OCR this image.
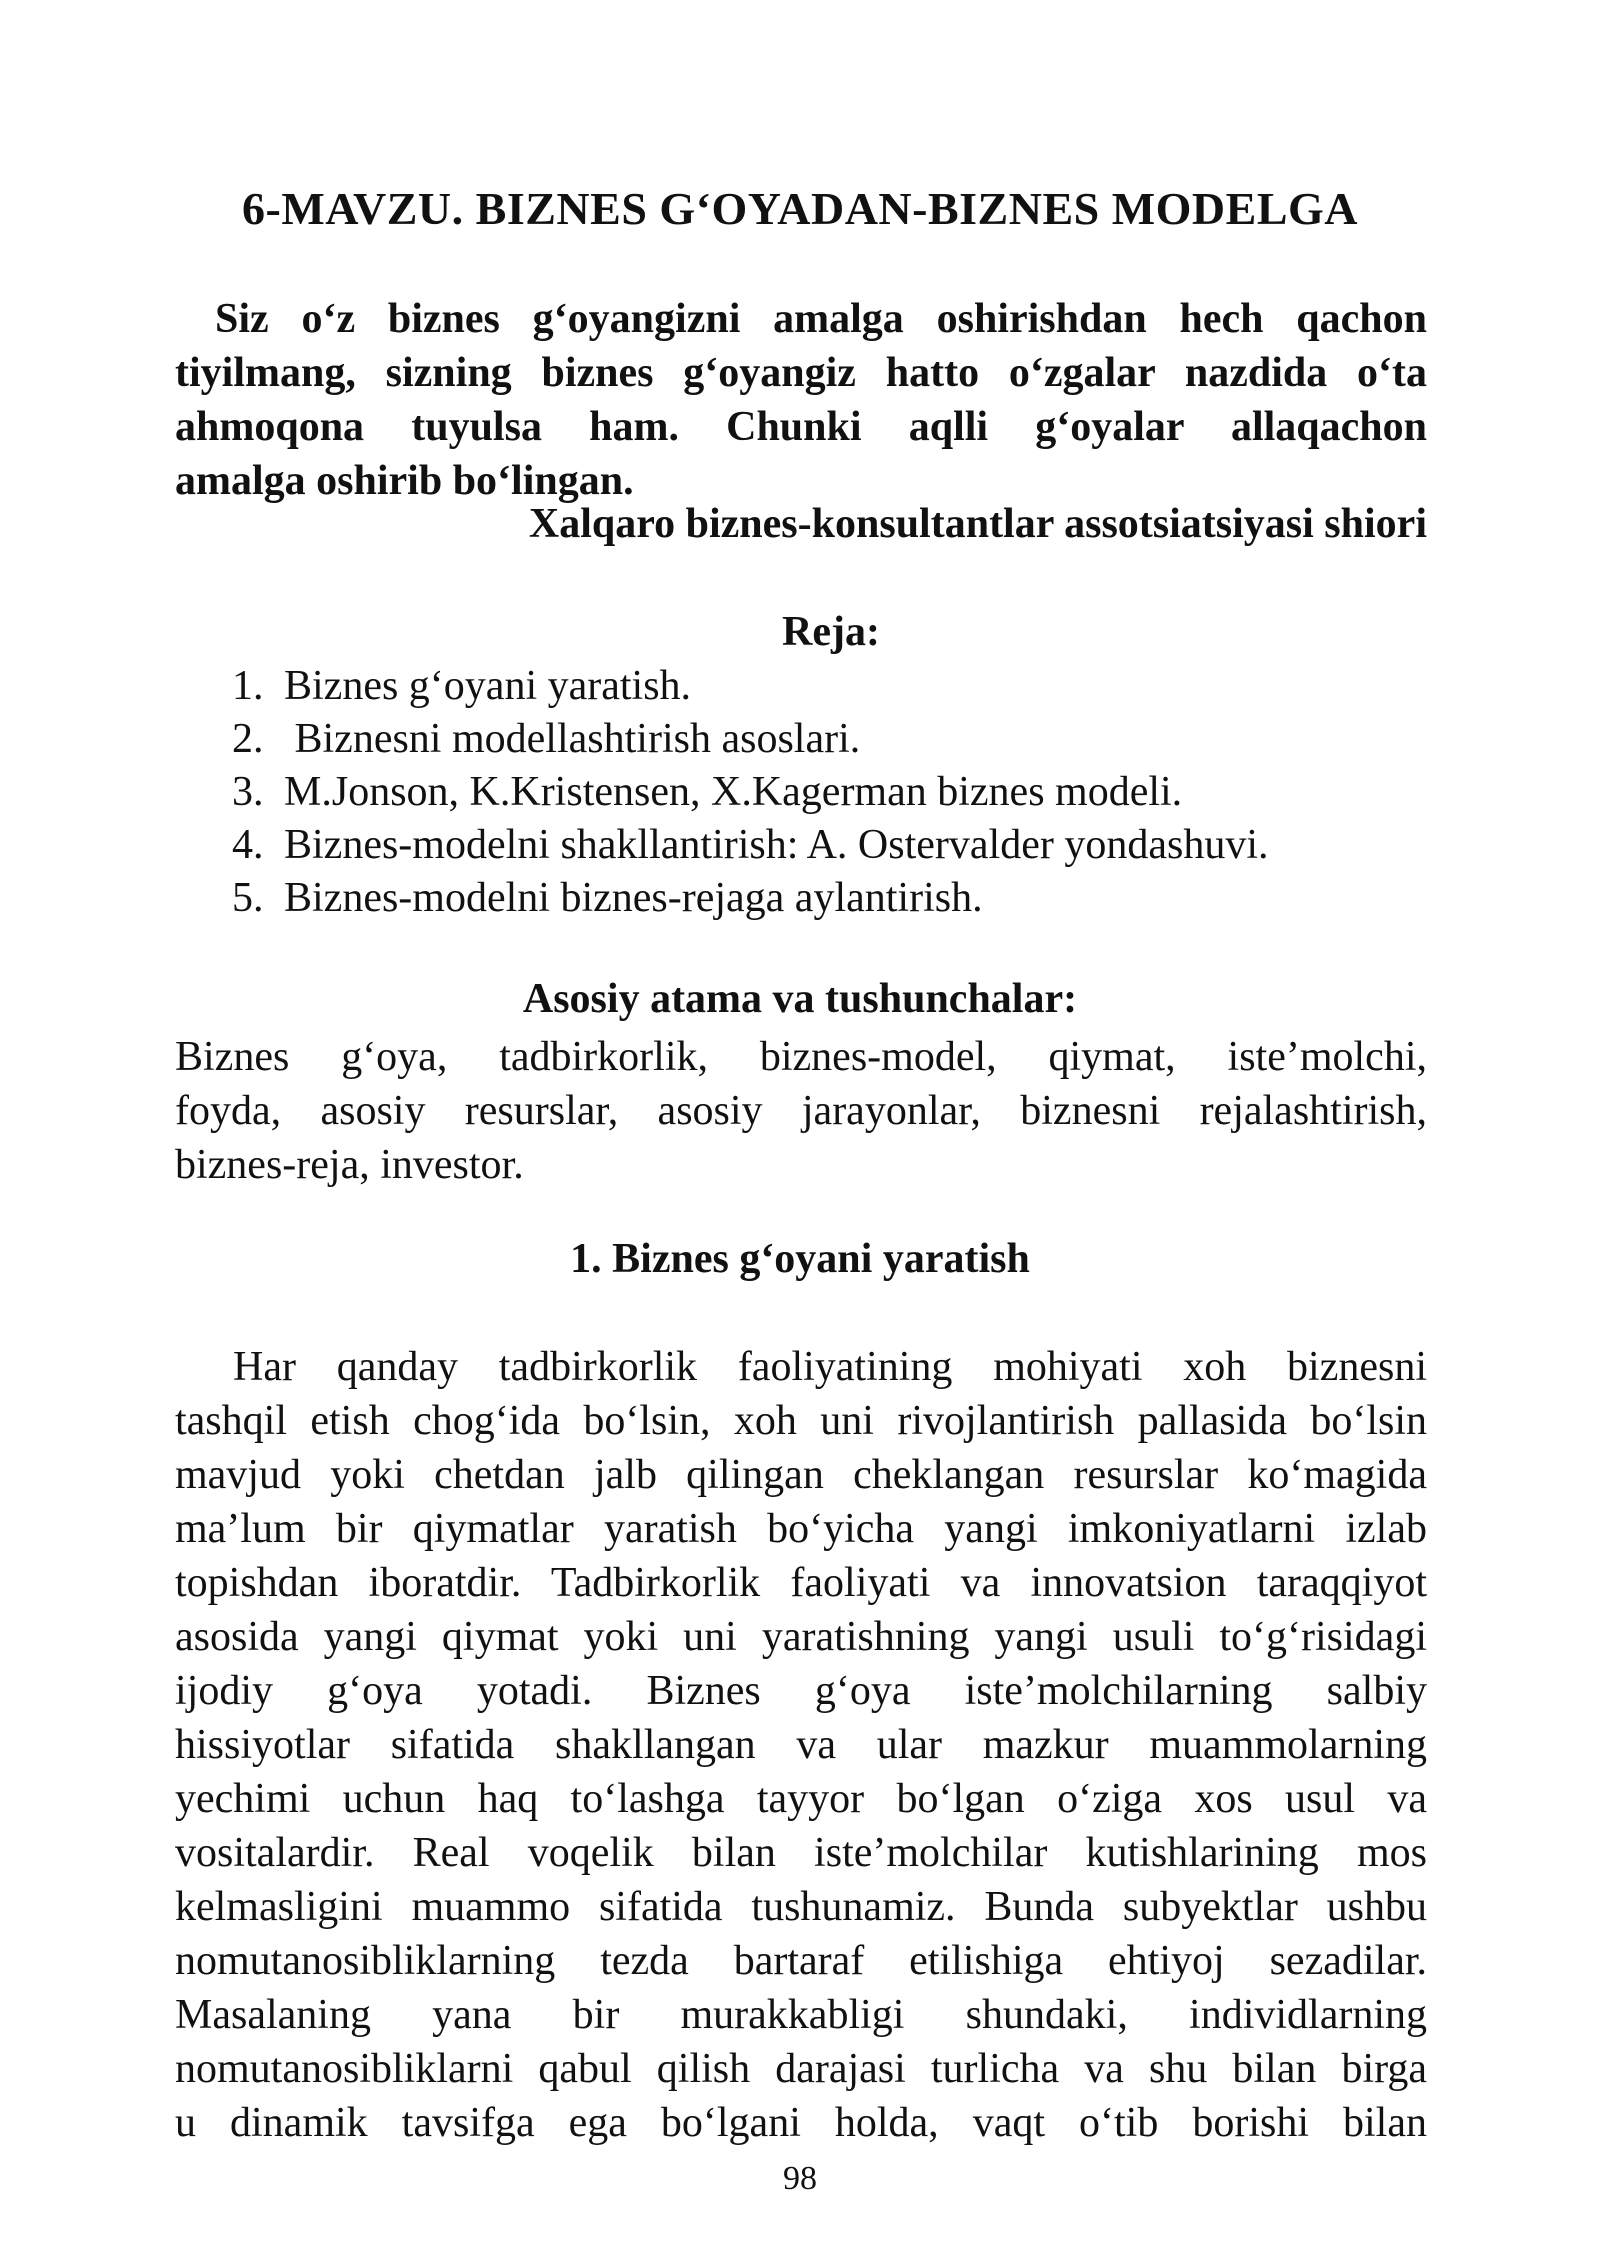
6-MAVZU. BIZNES G‘OYADAN-BIZNES MODELGA
Siz o‘z biznes g‘oyangizni amalga oshirishdan hech qachon
tiyilmang, sizning biznes g‘oyangiz hatto o‘zgalar nazdida o‘ta
ahmoqona tuyulsa ham. Chunki aqlli g‘oyalar allaqachon
amalga oshirib bo‘lingan.
Xalqaro biznes-konsultantlar assotsiatsiyasi shiori
Reja:
1. Biznes g‘oyani yaratish.
2. Biznesni modellashtirish asoslari.
3. M.Jonson, K.Kristensen, X.Kagerman biznes modeli.
4. Biznes-modelni shakllantirish: A. Ostervalder yondashuvi.
5. Biznes-modelni biznes-rejaga aylantirish.
Asosiy atama va tushunchalar:
Biznes g‘oya, tadbirkorlik, biznes-model, qiymat, iste’molchi,
foyda, asosiy resurslar, asosiy jarayonlar, biznesni rejalashtirish,
biznes-reja, investor.
1. Biznes g‘oyani yaratish
Har qanday tadbirkorlik faoliyatining mohiyati xoh biznesni
tashqil etish chog‘ida bo‘lsin, xoh uni rivojlantirish pallasida bo‘lsin
mavjud yoki chetdan jalb qilingan cheklangan resurslar ko‘magida
ma’lum bir qiymatlar yaratish bo‘yicha yangi imkoniyatlarni izlab
topishdan iboratdir. Tadbirkorlik faoliyati va innovatsion taraqqiyot
asosida yangi qiymat yoki uni yaratishning yangi usuli to‘g‘risidagi
ijodiy g‘oya yotadi. Biznes g‘oya iste’molchilarning salbiy
hissiyotlar sifatida shakllangan va ular mazkur muammolarning
yechimi uchun haq to‘lashga tayyor bo‘lgan o‘ziga xos usul va
vositalardir. Real voqelik bilan iste’molchilar kutishlarining mos
kelmasligini muammo sifatida tushunamiz. Bunda subyektlar ushbu
nomutanosibliklarning tezda bartaraf etilishiga ehtiyoj sezadilar.
Masalaning yana bir murakkabligi shundaki, individlarning
nomutanosibliklarni qabul qilish darajasi turlicha va shu bilan birga
u dinamik tavsifga ega bo‘lgani holda, vaqt o‘tib borishi bilan
98
